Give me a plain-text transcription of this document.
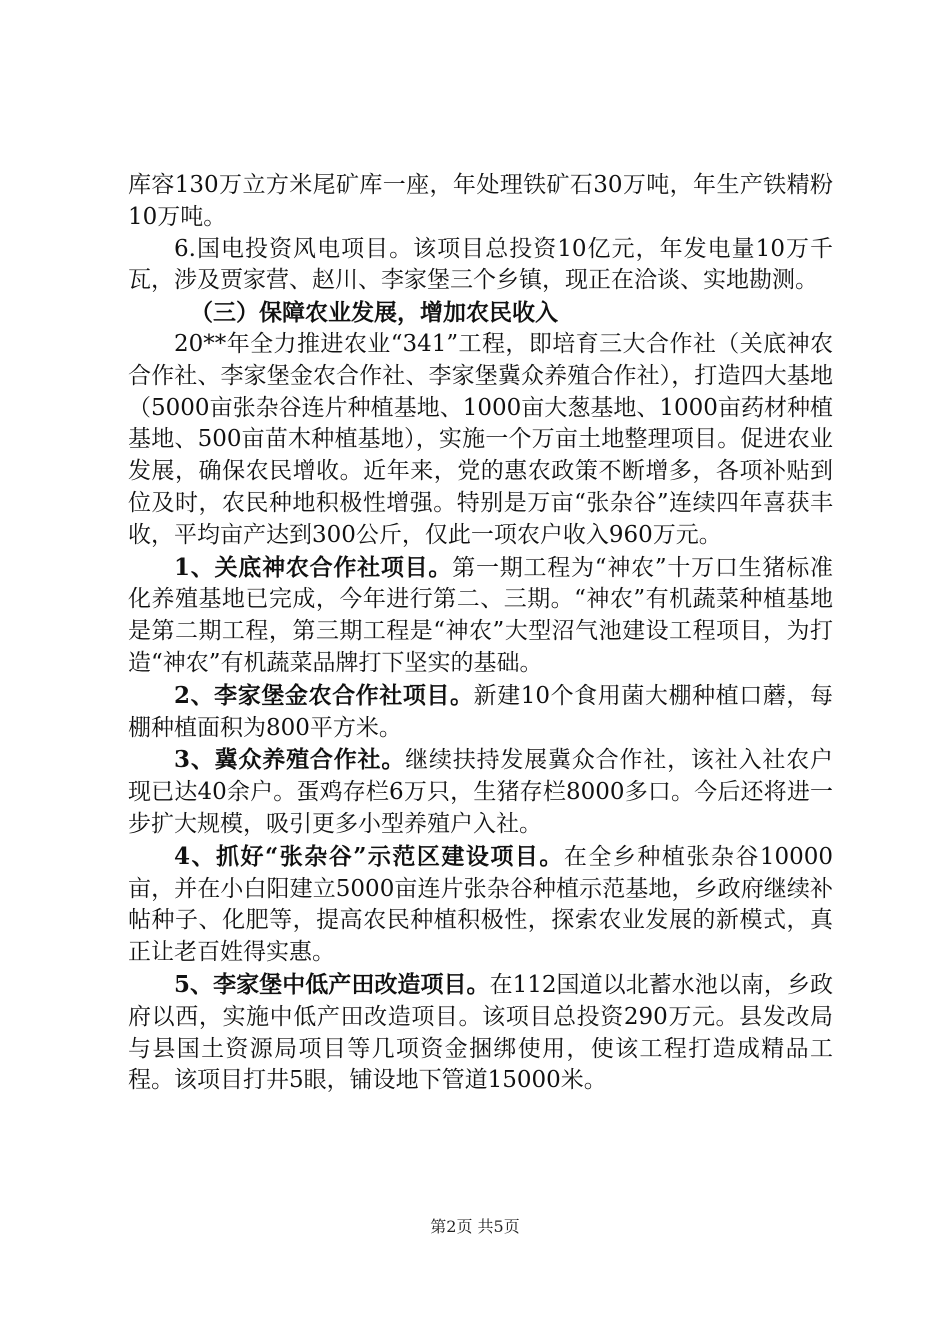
库容130万立方米尾矿库一座，年处理铁矿石30万吨，年生产铁精粉10万吨。

6.国电投资风电项目。该项目总投资10亿元，年发电量10万千瓦，涉及贾家营、赵川、李家堡三个乡镇，现正在洽谈、实地勘测。

（三）保障农业发展，增加农民收入

20**年全力推进农业“341”工程，即培育三大合作社（关底神农合作社、李家堡金农合作社、李家堡冀众养殖合作社），打造四大基地（5000亩张杂谷连片种植基地、1000亩大葱基地、1000亩药材种植基地、500亩苗木种植基地），实施一个万亩土地整理项目。促进农业发展，确保农民增收。近年来，党的惠农政策不断增多，各项补贴到位及时，农民种地积极性增强。特别是万亩“张杂谷”连续四年喜获丰收，平均亩产达到300公斤，仅此一项农户收入960万元。

1、关底神农合作社项目。第一期工程为“神农”十万口生猪标准化养殖基地已完成，今年进行第二、三期。“神农”有机蔬菜种植基地是第二期工程，第三期工程是“神农”大型沼气池建设工程项目，为打造“神农”有机蔬菜品牌打下坚实的基础。

2、李家堡金农合作社项目。新建10个食用菌大棚种植口蘑，每棚种植面积为800平方米。

3、冀众养殖合作社。继续扶持发展冀众合作社，该社入社农户现已达40余户。蛋鸡存栏6万只，生猪存栏8000多口。今后还将进一步扩大规模，吸引更多小型养殖户入社。

4、抓好“张杂谷”示范区建设项目。在全乡种植张杂谷10000亩，并在小白阳建立5000亩连片张杂谷种植示范基地，乡政府继续补帖种子、化肥等，提高农民种植积极性，探索农业发展的新模式，真正让老百姓得实惠。

5、李家堡中低产田改造项目。在112国道以北蓄水池以南，乡政府以西，实施中低产田改造项目。该项目总投资290万元。县发改局与县国土资源局项目等几项资金捆绑使用，使该工程打造成精品工程。该项目打井5眼，铺设地下管道15000米。

第2页 共5页
